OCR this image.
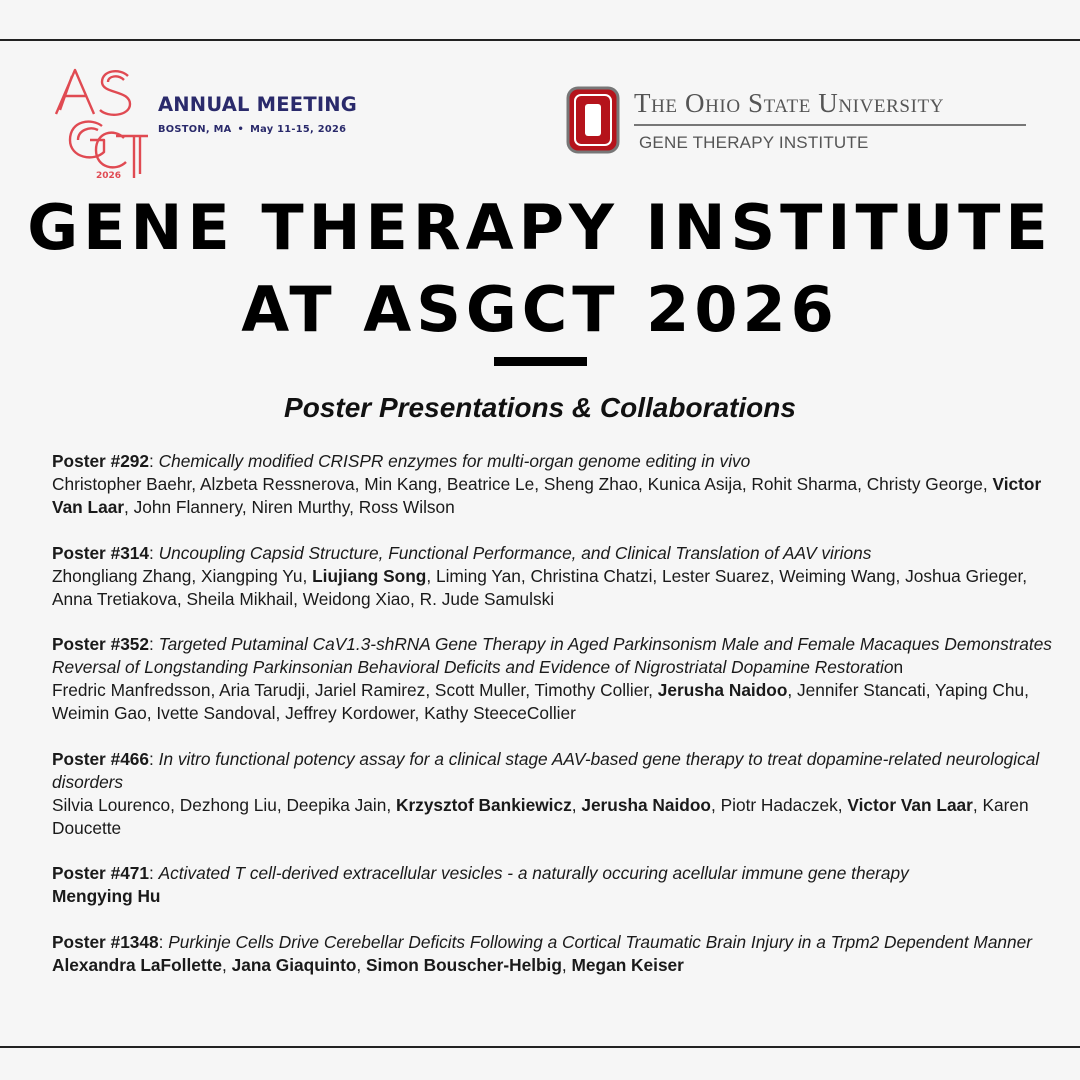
2026
ANNUAL MEETING
BOSTON, MA • May 11-15, 2026
The Ohio State University
GENE THERAPY INSTITUTE
GENE THERAPY INSTITUTE
AT ASGCT 2026
Poster Presentations & Collaborations
Poster #292: Chemically modified CRISPR enzymes for multi-organ genome editing in vivo
Christopher Baehr, Alzbeta Ressnerova, Min Kang, Beatrice Le, Sheng Zhao, Kunica Asija, Rohit Sharma, Christy George, Victor Van Laar, John Flannery, Niren Murthy, Ross Wilson
Poster #314: Uncoupling Capsid Structure, Functional Performance, and Clinical Translation of AAV virions
Zhongliang Zhang, Xiangping Yu, Liujiang Song, Liming Yan, Christina Chatzi, Lester Suarez, Weiming Wang, Joshua Grieger, Anna Tretiakova, Sheila Mikhail, Weidong Xiao, R. Jude Samulski
Poster #352: Targeted Putaminal CaV1.3-shRNA Gene Therapy in Aged Parkinsonism Male and Female Macaques Demonstrates Reversal of Longstanding Parkinsonian Behavioral Deficits and Evidence of Nigrostriatal Dopamine Restoration
Fredric Manfredsson, Aria Tarudji, Jariel Ramirez, Scott Muller, Timothy Collier, Jerusha Naidoo, Jennifer Stancati, Yaping Chu, Weimin Gao, Ivette Sandoval, Jeffrey Kordower, Kathy SteeceCollier
Poster #466: In vitro functional potency assay for a clinical stage AAV-based gene therapy to treat dopamine-related neurological disorders
Silvia Lourenco, Dezhong Liu, Deepika Jain, Krzysztof Bankiewicz, Jerusha Naidoo, Piotr Hadaczek, Victor Van Laar, Karen Doucette
Poster #471: Activated T cell-derived extracellular vesicles - a naturally occuring acellular immune gene therapy
Mengying Hu
Poster #1348: Purkinje Cells Drive Cerebellar Deficits Following a Cortical Traumatic Brain Injury in a Trpm2 Dependent Manner
Alexandra LaFollette, Jana Giaquinto, Simon Bouscher-Helbig, Megan Keiser
